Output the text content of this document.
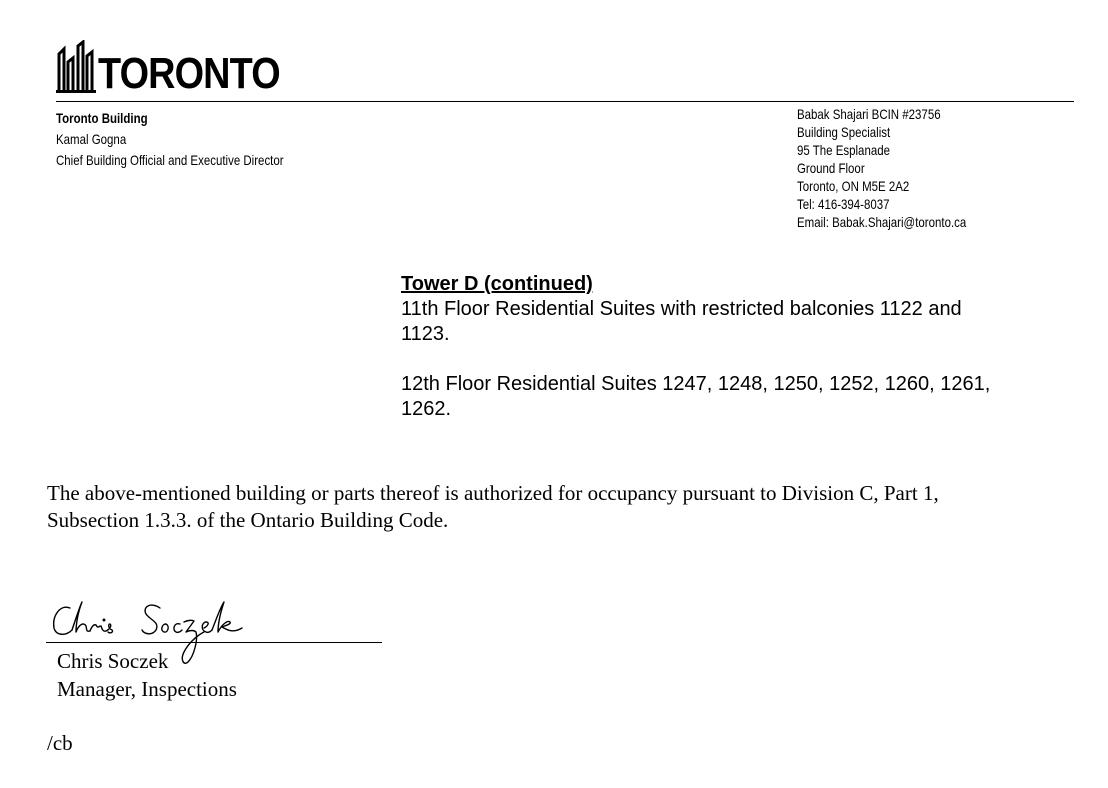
TORONTO
Toronto Building
Kamal Gogna
Chief Building Official and Executive Director
Babak Shajari BCIN #23756
Building Specialist
95 The Esplanade
Ground Floor
Toronto, ON M5E 2A2
Tel: 416-394-8037
Email: Babak.Shajari@toronto.ca
Tower D (continued)

11th Floor Residential Suites with restricted balconies 1122 and 1123.

12th Floor Residential Suites 1247, 1248, 1250, 1252, 1260, 1261, 1262.

The above-mentioned building or parts thereof is authorized for occupancy pursuant to Division C, Part 1, Subsection 1.3.3. of the Ontario Building Code.
Chris Soczek
Manager, Inspections
/cb
